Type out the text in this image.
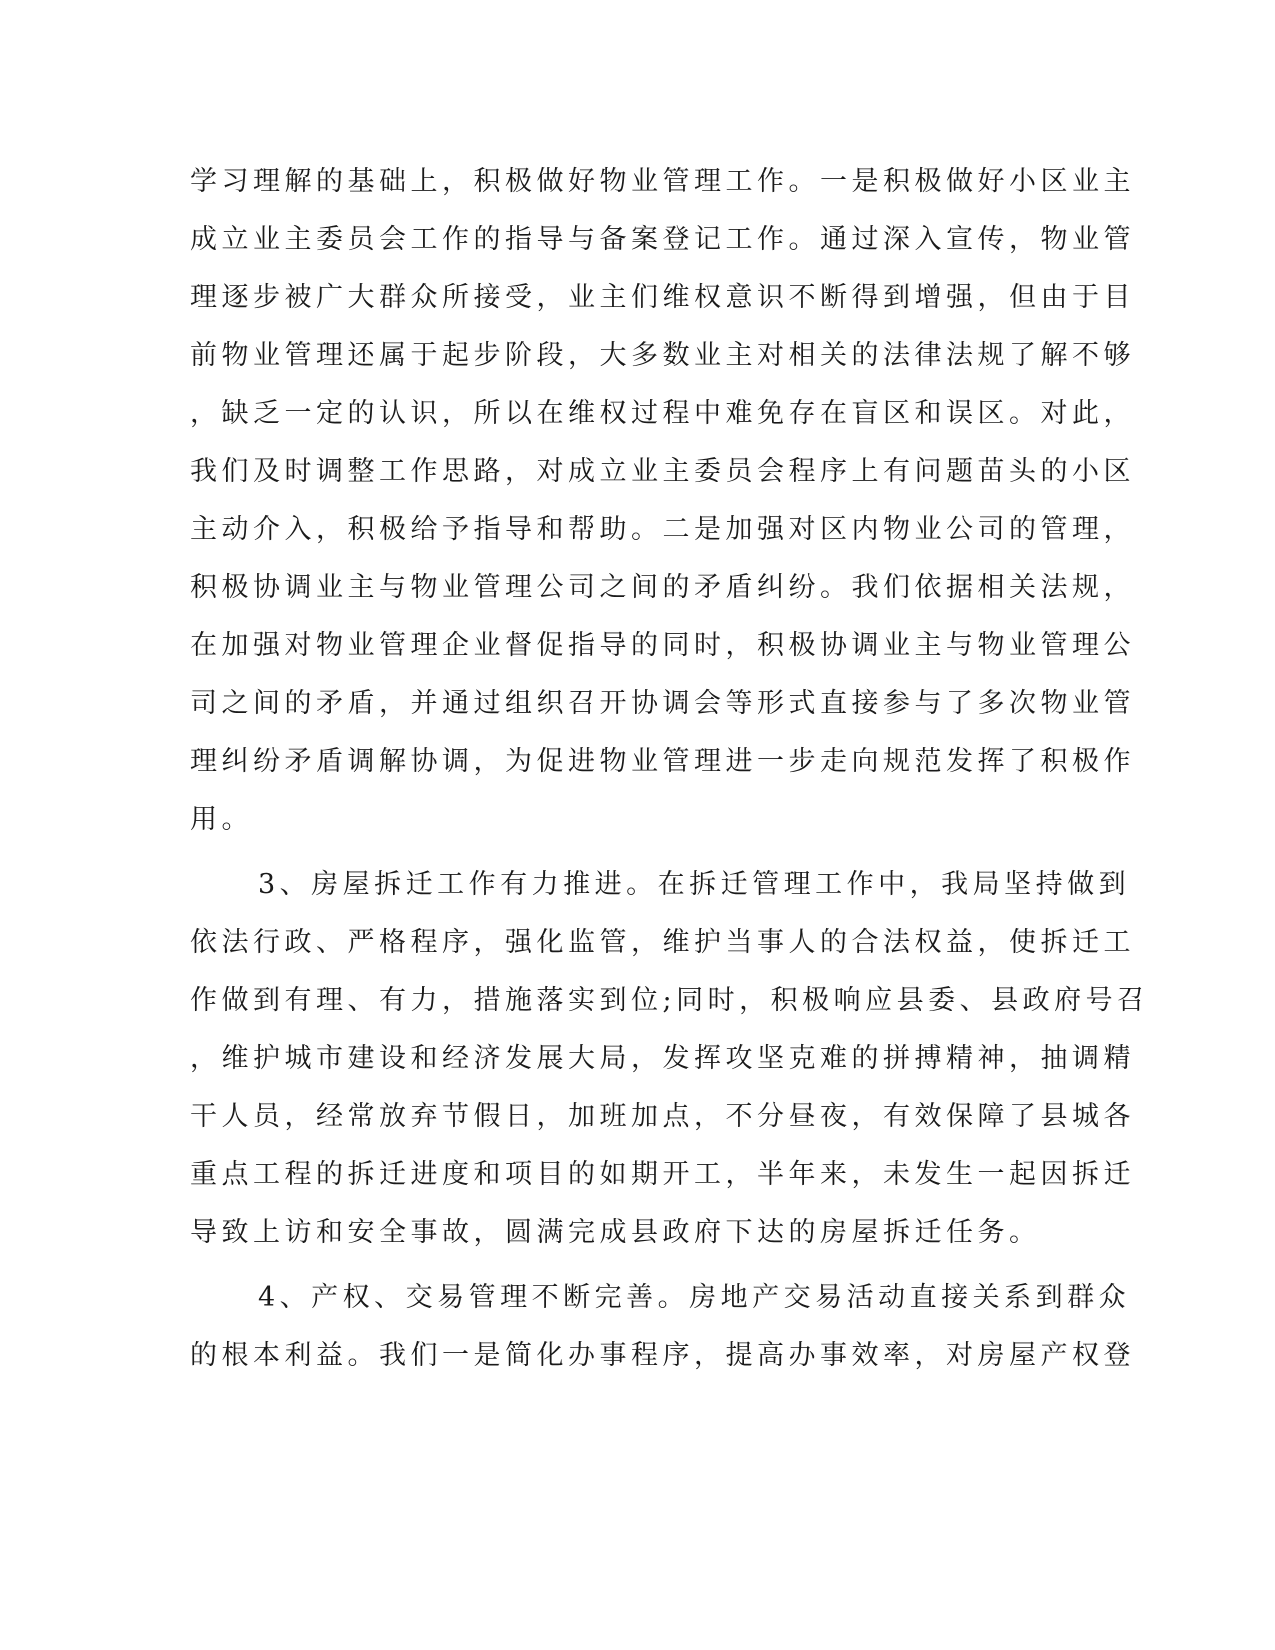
学习理解的基础上，积极做好物业管理工作。一是积极做好小区业主

成立业主委员会工作的指导与备案登记工作。通过深入宣传，物业管

理逐步被广大群众所接受，业主们维权意识不断得到增强，但由于目

前物业管理还属于起步阶段，大多数业主对相关的法律法规了解不够

，缺乏一定的认识，所以在维权过程中难免存在盲区和误区。对此，

我们及时调整工作思路，对成立业主委员会程序上有问题苗头的小区

主动介入，积极给予指导和帮助。二是加强对区内物业公司的管理，

积极协调业主与物业管理公司之间的矛盾纠纷。我们依据相关法规，

在加强对物业管理企业督促指导的同时，积极协调业主与物业管理公

司之间的矛盾，并通过组织召开协调会等形式直接参与了多次物业管

理纠纷矛盾调解协调，为促进物业管理进一步走向规范发挥了积极作

用。

3、房屋拆迁工作有力推进。在拆迁管理工作中，我局坚持做到

依法行政、严格程序，强化监管，维护当事人的合法权益，使拆迁工

作做到有理、有力，措施落实到位;同时，积极响应县委、县政府号召

，维护城市建设和经济发展大局，发挥攻坚克难的拼搏精神，抽调精

干人员，经常放弃节假日，加班加点，不分昼夜，有效保障了县城各

重点工程的拆迁进度和项目的如期开工，半年来，未发生一起因拆迁

导致上访和安全事故，圆满完成县政府下达的房屋拆迁任务。

4、产权、交易管理不断完善。房地产交易活动直接关系到群众

的根本利益。我们一是简化办事程序，提高办事效率，对房屋产权登
